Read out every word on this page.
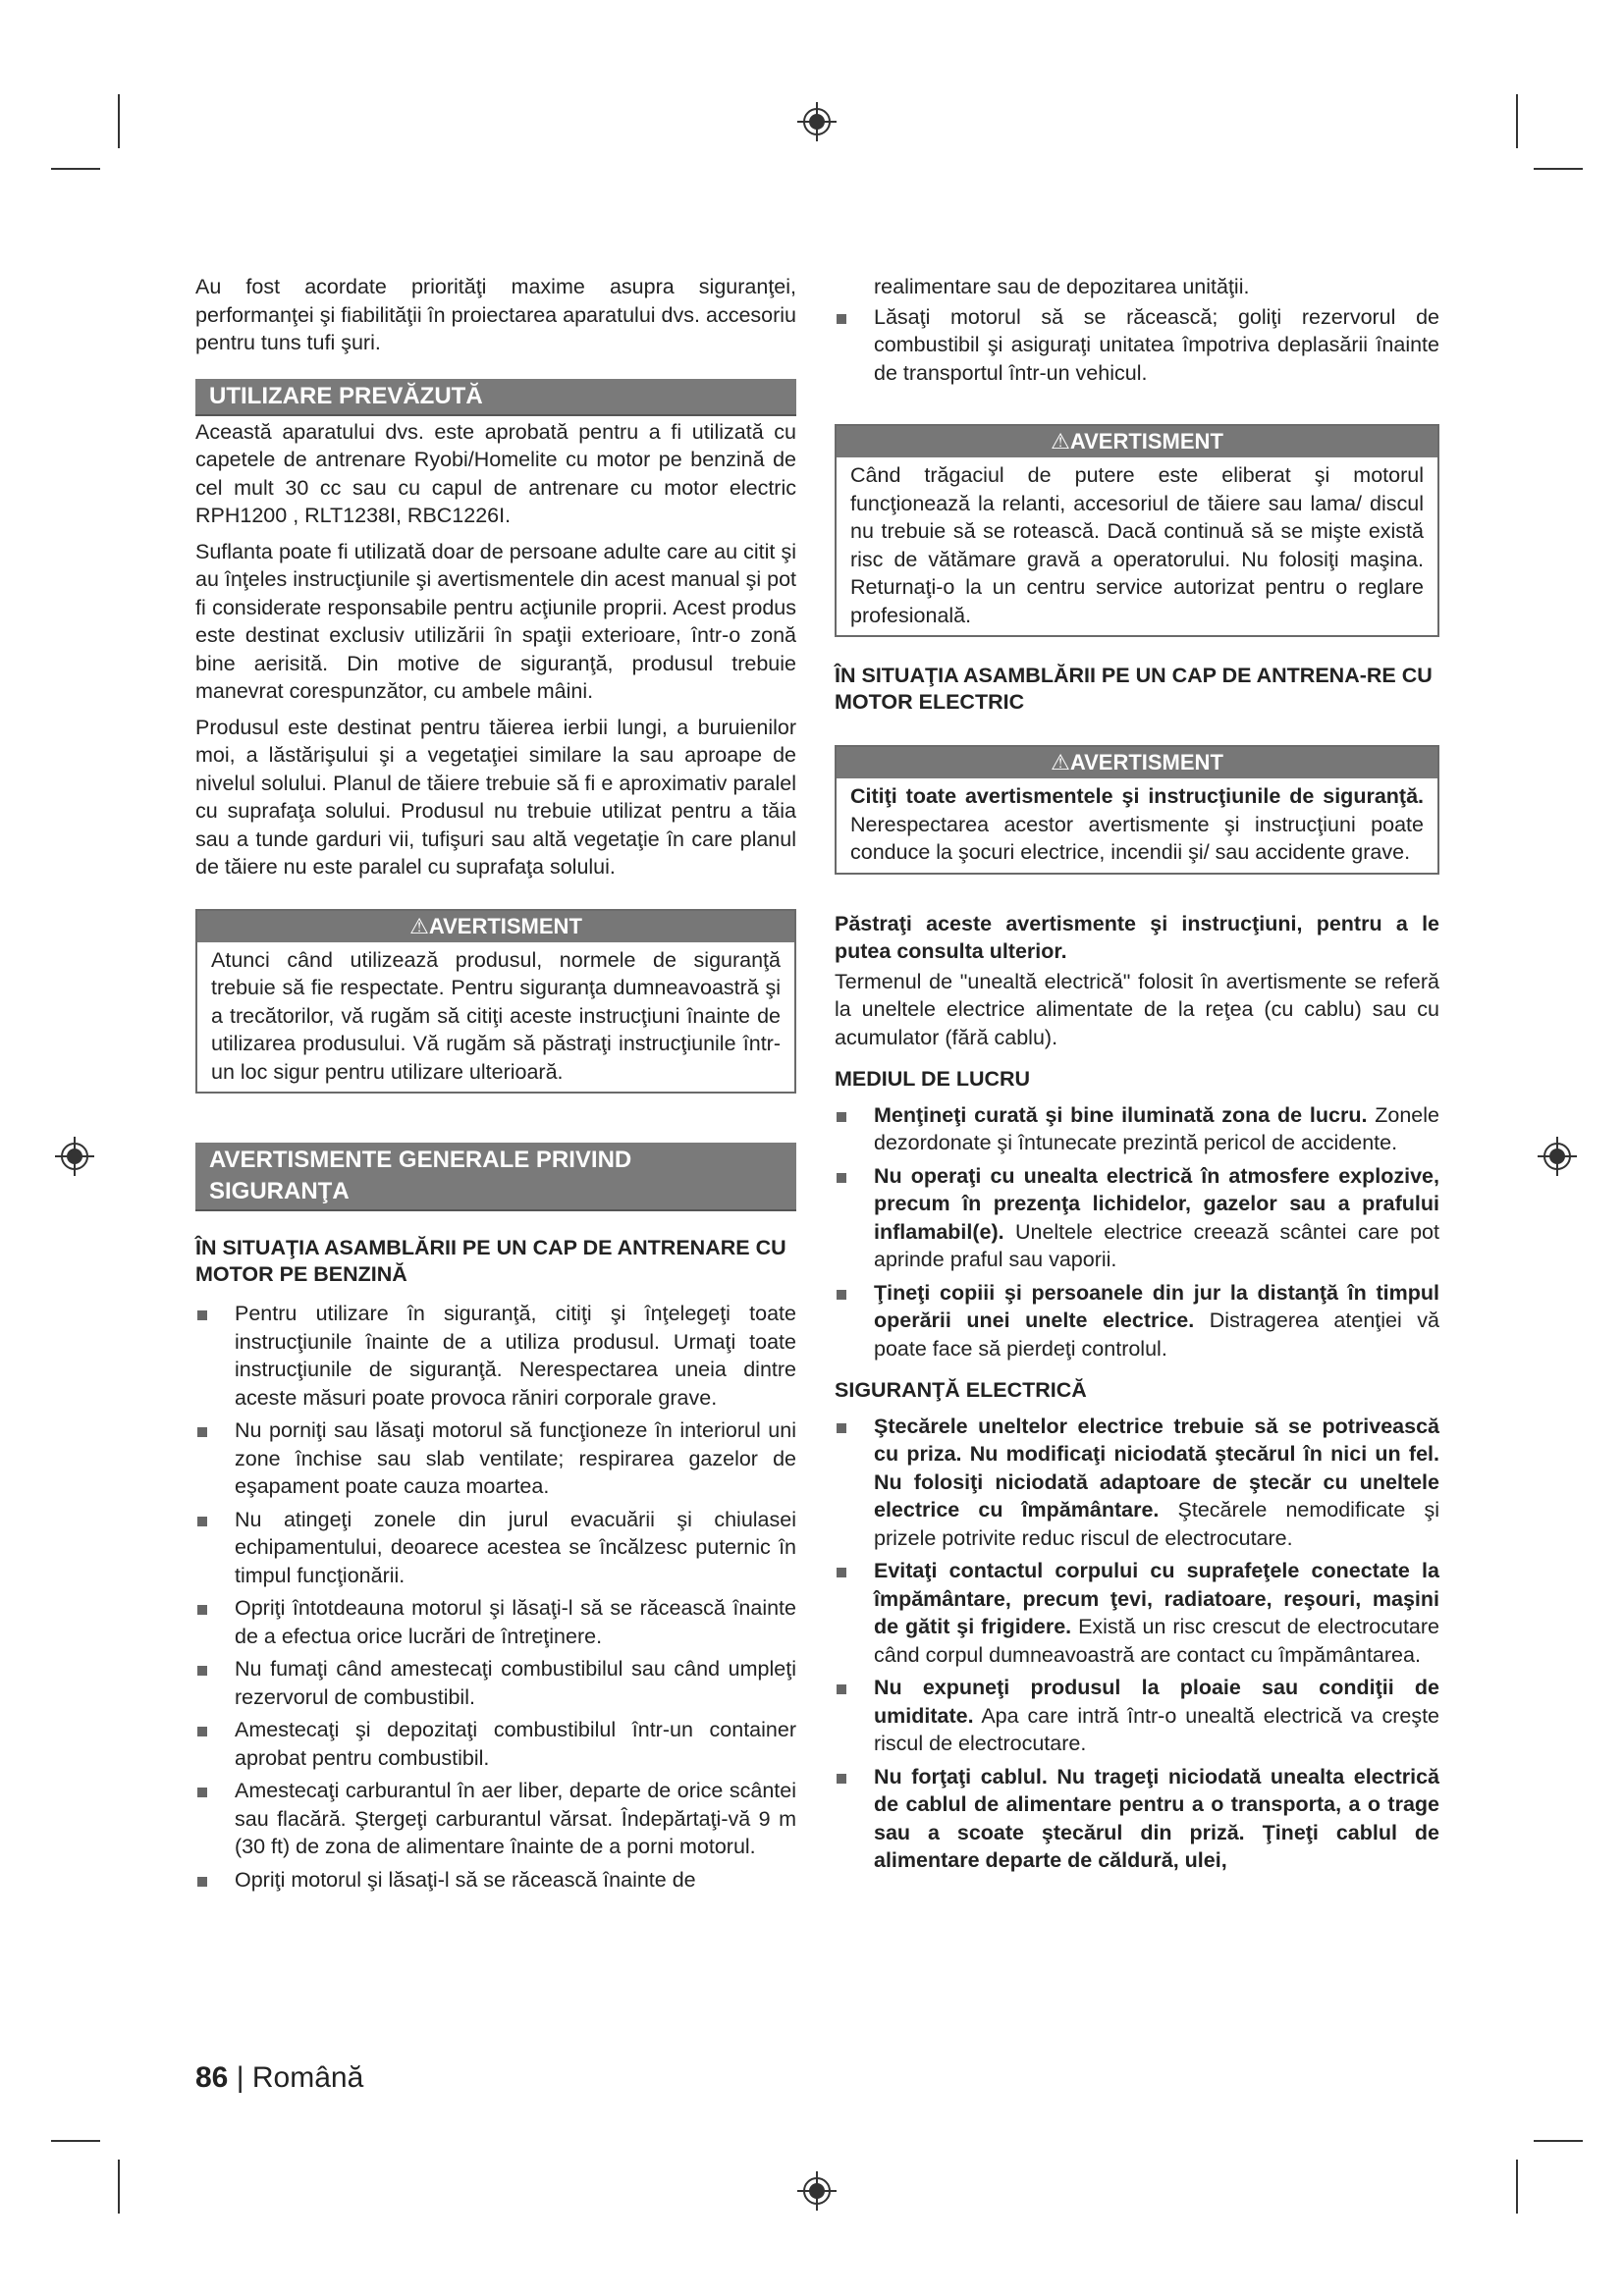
Au fost acordate priorităţi maxime asupra siguranţei, performanţei şi fiabilităţii în proiectarea aparatului dvs. accesoriu pentru tuns tufi şuri.

UTILIZARE PREVĂZUTĂ

Această aparatului dvs. este aprobată pentru a fi utilizată cu capetele de antrenare Ryobi/Homelite cu motor pe benzină de cel mult 30 cc sau cu capul de antrenare cu motor electric RPH1200 , RLT1238I, RBC1226I.

Suflanta poate fi utilizată doar de persoane adulte care au citit şi au înţeles instrucţiunile şi avertismentele din acest manual şi pot fi considerate responsabile pentru acţiunile proprii. Acest produs este destinat exclusiv utilizării în spaţii exterioare, într-o zonă bine aerisită. Din motive de siguranţă, produsul trebuie manevrat corespunzător, cu ambele mâini.

Produsul este destinat pentru tăierea ierbii lungi, a buruienilor moi, a lăstărişului şi a vegetaţiei similare la sau aproape de nivelul solului. Planul de tăiere trebuie să fi e aproximativ paralel cu suprafaţa solului. Produsul nu trebuie utilizat pentru a tăia sau a tunde garduri vii, tufişuri sau altă vegetaţie în care planul de tăiere nu este paralel cu suprafaţa solului.

⚠AVERTISMENT
Atunci când utilizează produsul, normele de siguranţă trebuie să fie respectate. Pentru siguranţa dumneavoastră şi a trecătorilor, vă rugăm să citiţi aceste instrucţiuni înainte de utilizarea produsului. Vă rugăm să păstraţi instrucţiunile într-un loc sigur pentru utilizare ulterioară.
AVERTISMENTE GENERALE PRIVIND SIGURANŢA

ÎN SITUAŢIA ASAMBLĂRII PE UN CAP DE ANTRENARE CU MOTOR PE BENZINĂ

Pentru utilizare în siguranţă, citiţi şi înţelegeţi toate instrucţiunile înainte de a utiliza produsul. Urmaţi toate instrucţiunile de siguranţă. Nerespectarea uneia dintre aceste măsuri poate provoca răniri corporale grave.
Nu porniţi sau lăsaţi motorul să funcţioneze în interiorul uni zone închise sau slab ventilate; respirarea gazelor de eşapament poate cauza moartea.
Nu atingeţi zonele din jurul evacuării şi chiulasei echipamentului, deoarece acestea se încălzesc puternic în timpul funcţionării.
Opriţi întotdeauna motorul şi lăsaţi-l să se răcească înainte de a efectua orice lucrări de întreţinere.
Nu fumaţi când amestecaţi combustibilul sau când umpleţi rezervorul de combustibil.
Amestecaţi şi depozitaţi combustibilul într-un container aprobat pentru combustibil.
Amestecaţi carburantul în aer liber, departe de orice scântei sau flacără. Ştergeţi carburantul vărsat. Îndepărtaţi-vă 9 m (30 ft) de zona de alimentare înainte de a porni motorul.
Opriţi motorul şi lăsaţi-l să se răcească înainte de

realimentare sau de depozitarea unităţii.

Lăsaţi motorul să se răcească; goliţi rezervorul de combustibil şi asiguraţi unitatea împotriva deplasării înainte de transportul într-un vehicul.
⚠AVERTISMENT
Când trăgaciul de putere este eliberat şi motorul funcţionează la relanti, accesoriul de tăiere sau lama/ discul nu trebuie să se rotească. Dacă continuă să se mişte există risc de vătămare gravă a operatorului. Nu folosiţi maşina. Returnaţi-o la un centru service autorizat pentru o reglare profesională.

ÎN SITUAŢIA ASAMBLĂRII PE UN CAP DE ANTRENA-RE CU MOTOR ELECTRIC

⚠AVERTISMENT
Citiţi toate avertismentele şi instrucţiunile de siguranţă. Nerespectarea acestor avertismente şi instrucţiuni poate conduce la şocuri electrice, incendii şi/ sau accidente grave.

Păstraţi aceste avertismente şi instrucţiuni, pentru a le putea consulta ulterior.

Termenul de "unealtă electrică" folosit în avertismente se referă la uneltele electrice alimentate de la reţea (cu cablu) sau cu acumulator (fără cablu).

MEDIUL DE LUCRU

Menţineţi curată şi bine iluminată zona de lucru. Zonele dezordonate şi întunecate prezintă pericol de accidente.
Nu operaţi cu unealta electrică în atmosfere explozive, precum în prezenţa lichidelor, gazelor sau a prafului inflamabil(e). Uneltele electrice creează scântei care pot aprinde praful sau vaporii.
Ţineţi copiii şi persoanele din jur la distanţă în timpul operării unei unelte electrice. Distragerea atenţiei vă poate face să pierdeţi controlul.

SIGURANŢĂ ELECTRICĂ

Ştecărele uneltelor electrice trebuie să se potrivească cu priza. Nu modificaţi niciodată ştecărul în nici un fel. Nu folosiţi niciodată adaptoare de ştecăr cu uneltele electrice cu împământare. Ştecărele nemodificate şi prizele potrivite reduc riscul de electrocutare.
Evitaţi contactul corpului cu suprafeţele conectate la împământare, precum ţevi, radiatoare, reşouri, maşini de gătit şi frigidere. Există un risc crescut de electrocutare când corpul dumneavoastră are contact cu împământarea.
Nu expuneţi produsul la ploaie sau condiţii de umiditate. Apa care intră într-o unealtă electrică va creşte riscul de electrocutare.
Nu forţaţi cablul. Nu trageţi niciodată unealta electrică de cablul de alimentare pentru a o transporta, a o trage sau a scoate ştecărul din priză. Ţineţi cablul de alimentare departe de căldură, ulei,
86 | Română
